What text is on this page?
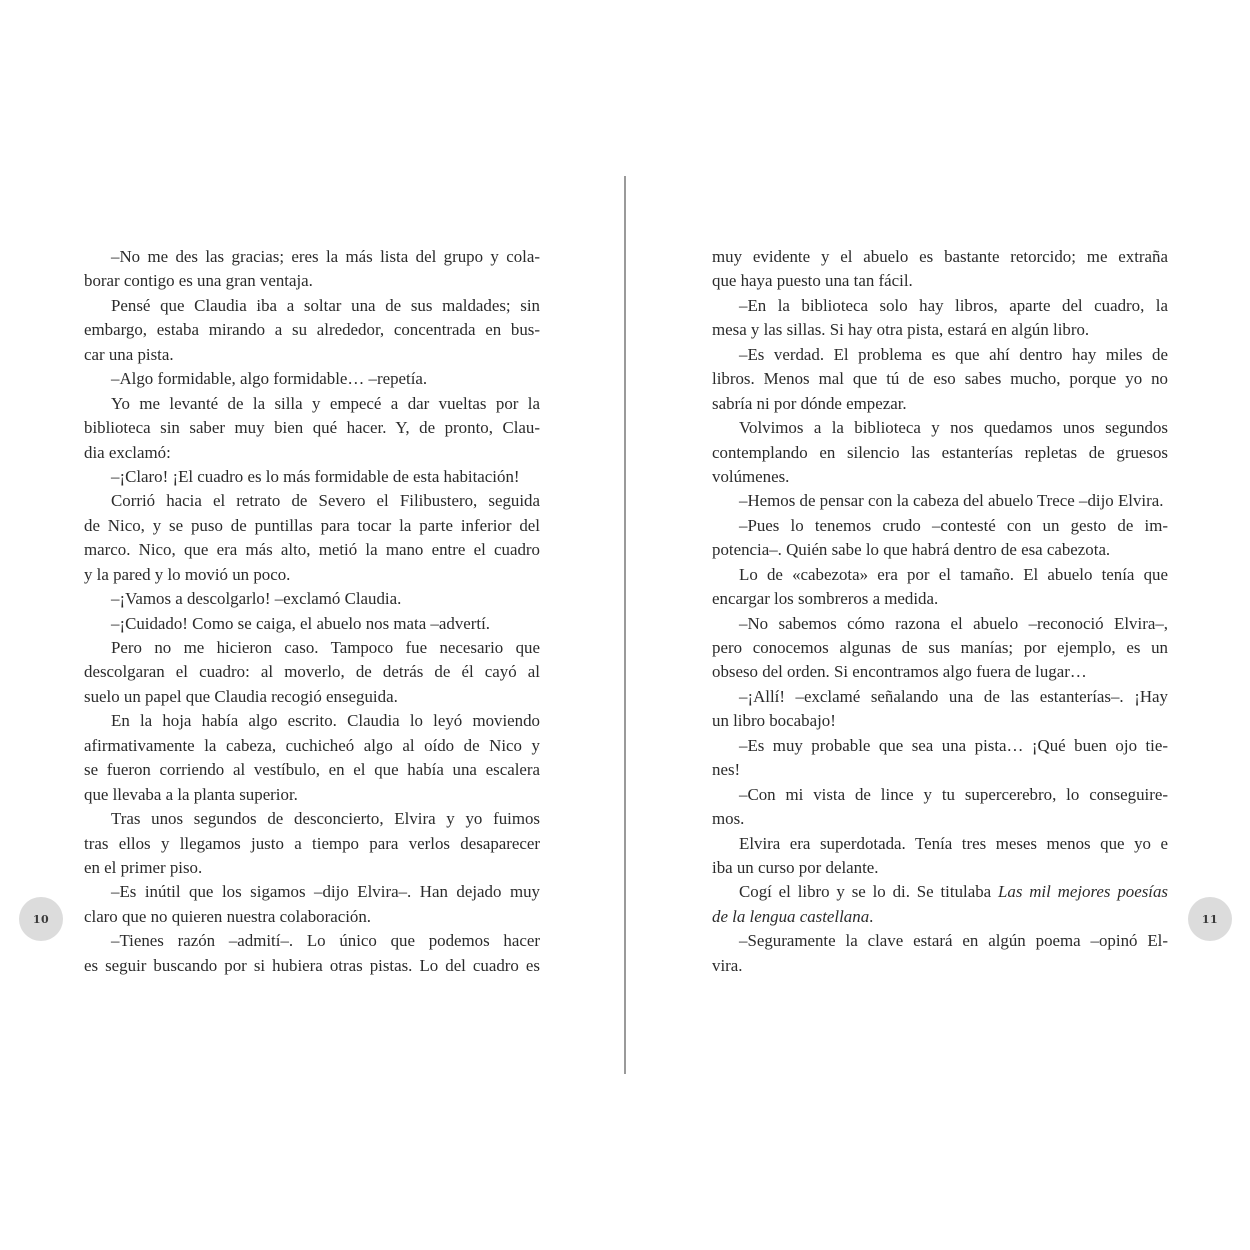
–No me des las gracias; eres la más lista del grupo y cola-
borar contigo es una gran ventaja.
Pensé que Claudia iba a soltar una de sus maldades; sin
embargo, estaba mirando a su alrededor, concentrada en bus-
car una pista.
–Algo formidable, algo formidable… –repetía.
Yo me levanté de la silla y empecé a dar vueltas por la
biblioteca sin saber muy bien qué hacer. Y, de pronto, Clau-
dia exclamó:
–¡Claro! ¡El cuadro es lo más formidable de esta habitación!
Corrió hacia el retrato de Severo el Filibustero, seguida
de Nico, y se puso de puntillas para tocar la parte inferior del
marco. Nico, que era más alto, metió la mano entre el cuadro
y la pared y lo movió un poco.
–¡Vamos a descolgarlo! –exclamó Claudia.
–¡Cuidado! Como se caiga, el abuelo nos mata –advertí.
Pero no me hicieron caso. Tampoco fue necesario que
descolgaran el cuadro: al moverlo, de detrás de él cayó al
suelo un papel que Claudia recogió enseguida.
En la hoja había algo escrito. Claudia lo leyó moviendo
afirmativamente la cabeza, cuchicheó algo al oído de Nico y
se fueron corriendo al vestíbulo, en el que había una escalera
que llevaba a la planta superior.
Tras unos segundos de desconcierto, Elvira y yo fuimos
tras ellos y llegamos justo a tiempo para verlos desaparecer
en el primer piso.
–Es inútil que los sigamos –dijo Elvira–. Han dejado muy
claro que no quieren nuestra colaboración.
–Tienes razón –admití–. Lo único que podemos hacer
es seguir buscando por si hubiera otras pistas. Lo del cuadro es
muy evidente y el abuelo es bastante retorcido; me extraña
que haya puesto una tan fácil.
–En la biblioteca solo hay libros, aparte del cuadro, la
mesa y las sillas. Si hay otra pista, estará en algún libro.
–Es verdad. El problema es que ahí dentro hay miles de
libros. Menos mal que tú de eso sabes mucho, porque yo no
sabría ni por dónde empezar.
Volvimos a la biblioteca y nos quedamos unos segundos
contemplando en silencio las estanterías repletas de gruesos
volúmenes.
–Hemos de pensar con la cabeza del abuelo Trece –dijo Elvira.
–Pues lo tenemos crudo –contesté con un gesto de im-
potencia–. Quién sabe lo que habrá dentro de esa cabezota.
Lo de «cabezota» era por el tamaño. El abuelo tenía que
encargar los sombreros a medida.
–No sabemos cómo razona el abuelo –reconoció Elvira–,
pero conocemos algunas de sus manías; por ejemplo, es un
obseso del orden. Si encontramos algo fuera de lugar…
–¡Allí! –exclamé señalando una de las estanterías–. ¡Hay
un libro bocabajo!
–Es muy probable que sea una pista… ¡Qué buen ojo tie-
nes!
–Con mi vista de lince y tu supercerebro, lo conseguire-
mos.
Elvira era superdotada. Tenía tres meses menos que yo e
iba un curso por delante.
Cogí el libro y se lo di. Se titulaba Las mil mejores poesías
de la lengua castellana.
–Seguramente la clave estará en algún poema –opinó El-
vira.
10	11
